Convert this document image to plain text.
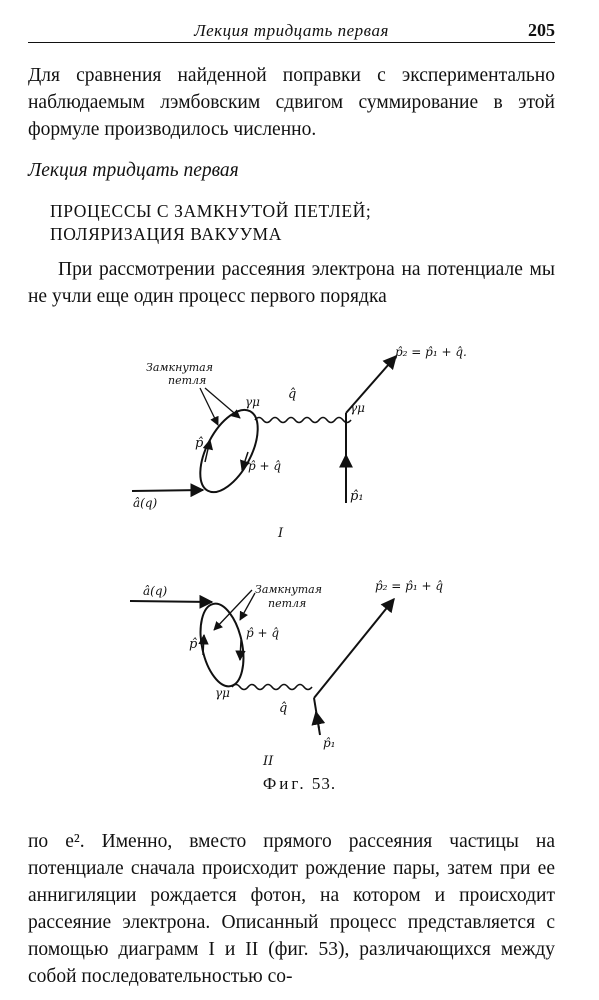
Лекция тридцать первая	205
Для сравнения найденной поправки с экспериментально наблюдаемым лэмбовским сдвигом суммирование в этой формуле производилось численно.
Лекция тридцать первая
ПРОЦЕССЫ С ЗАМКНУТОЙ ПЕТЛЕЙ;
ПОЛЯРИЗАЦИЯ ВАКУУМА
При рассмотрении рассеяния электрона на потенциале мы не учли еще один процесс первого порядка
Замкнутая
петля
γμ	γμ
q̂
p̂
p̂ + q̂
â(q)	p̂₁
p̂₂ = p̂₁ + q̂.
I
â(q)	Замкнутая
петля
p̂₂ = p̂₁ + q̂
p̂
p̂ + q̂
γμ
q̂
p̂₁
II
Фиг. 53.
по e². Именно, вместо прямого рассеяния частицы на потенциале сначала происходит рождение пары, затем при ее аннигиляции рождается фотон, на котором и происходит рассеяние электрона. Описанный процесс представляется с помощью диаграмм I и II (фиг. 53), различающихся между собой последовательностью со-
